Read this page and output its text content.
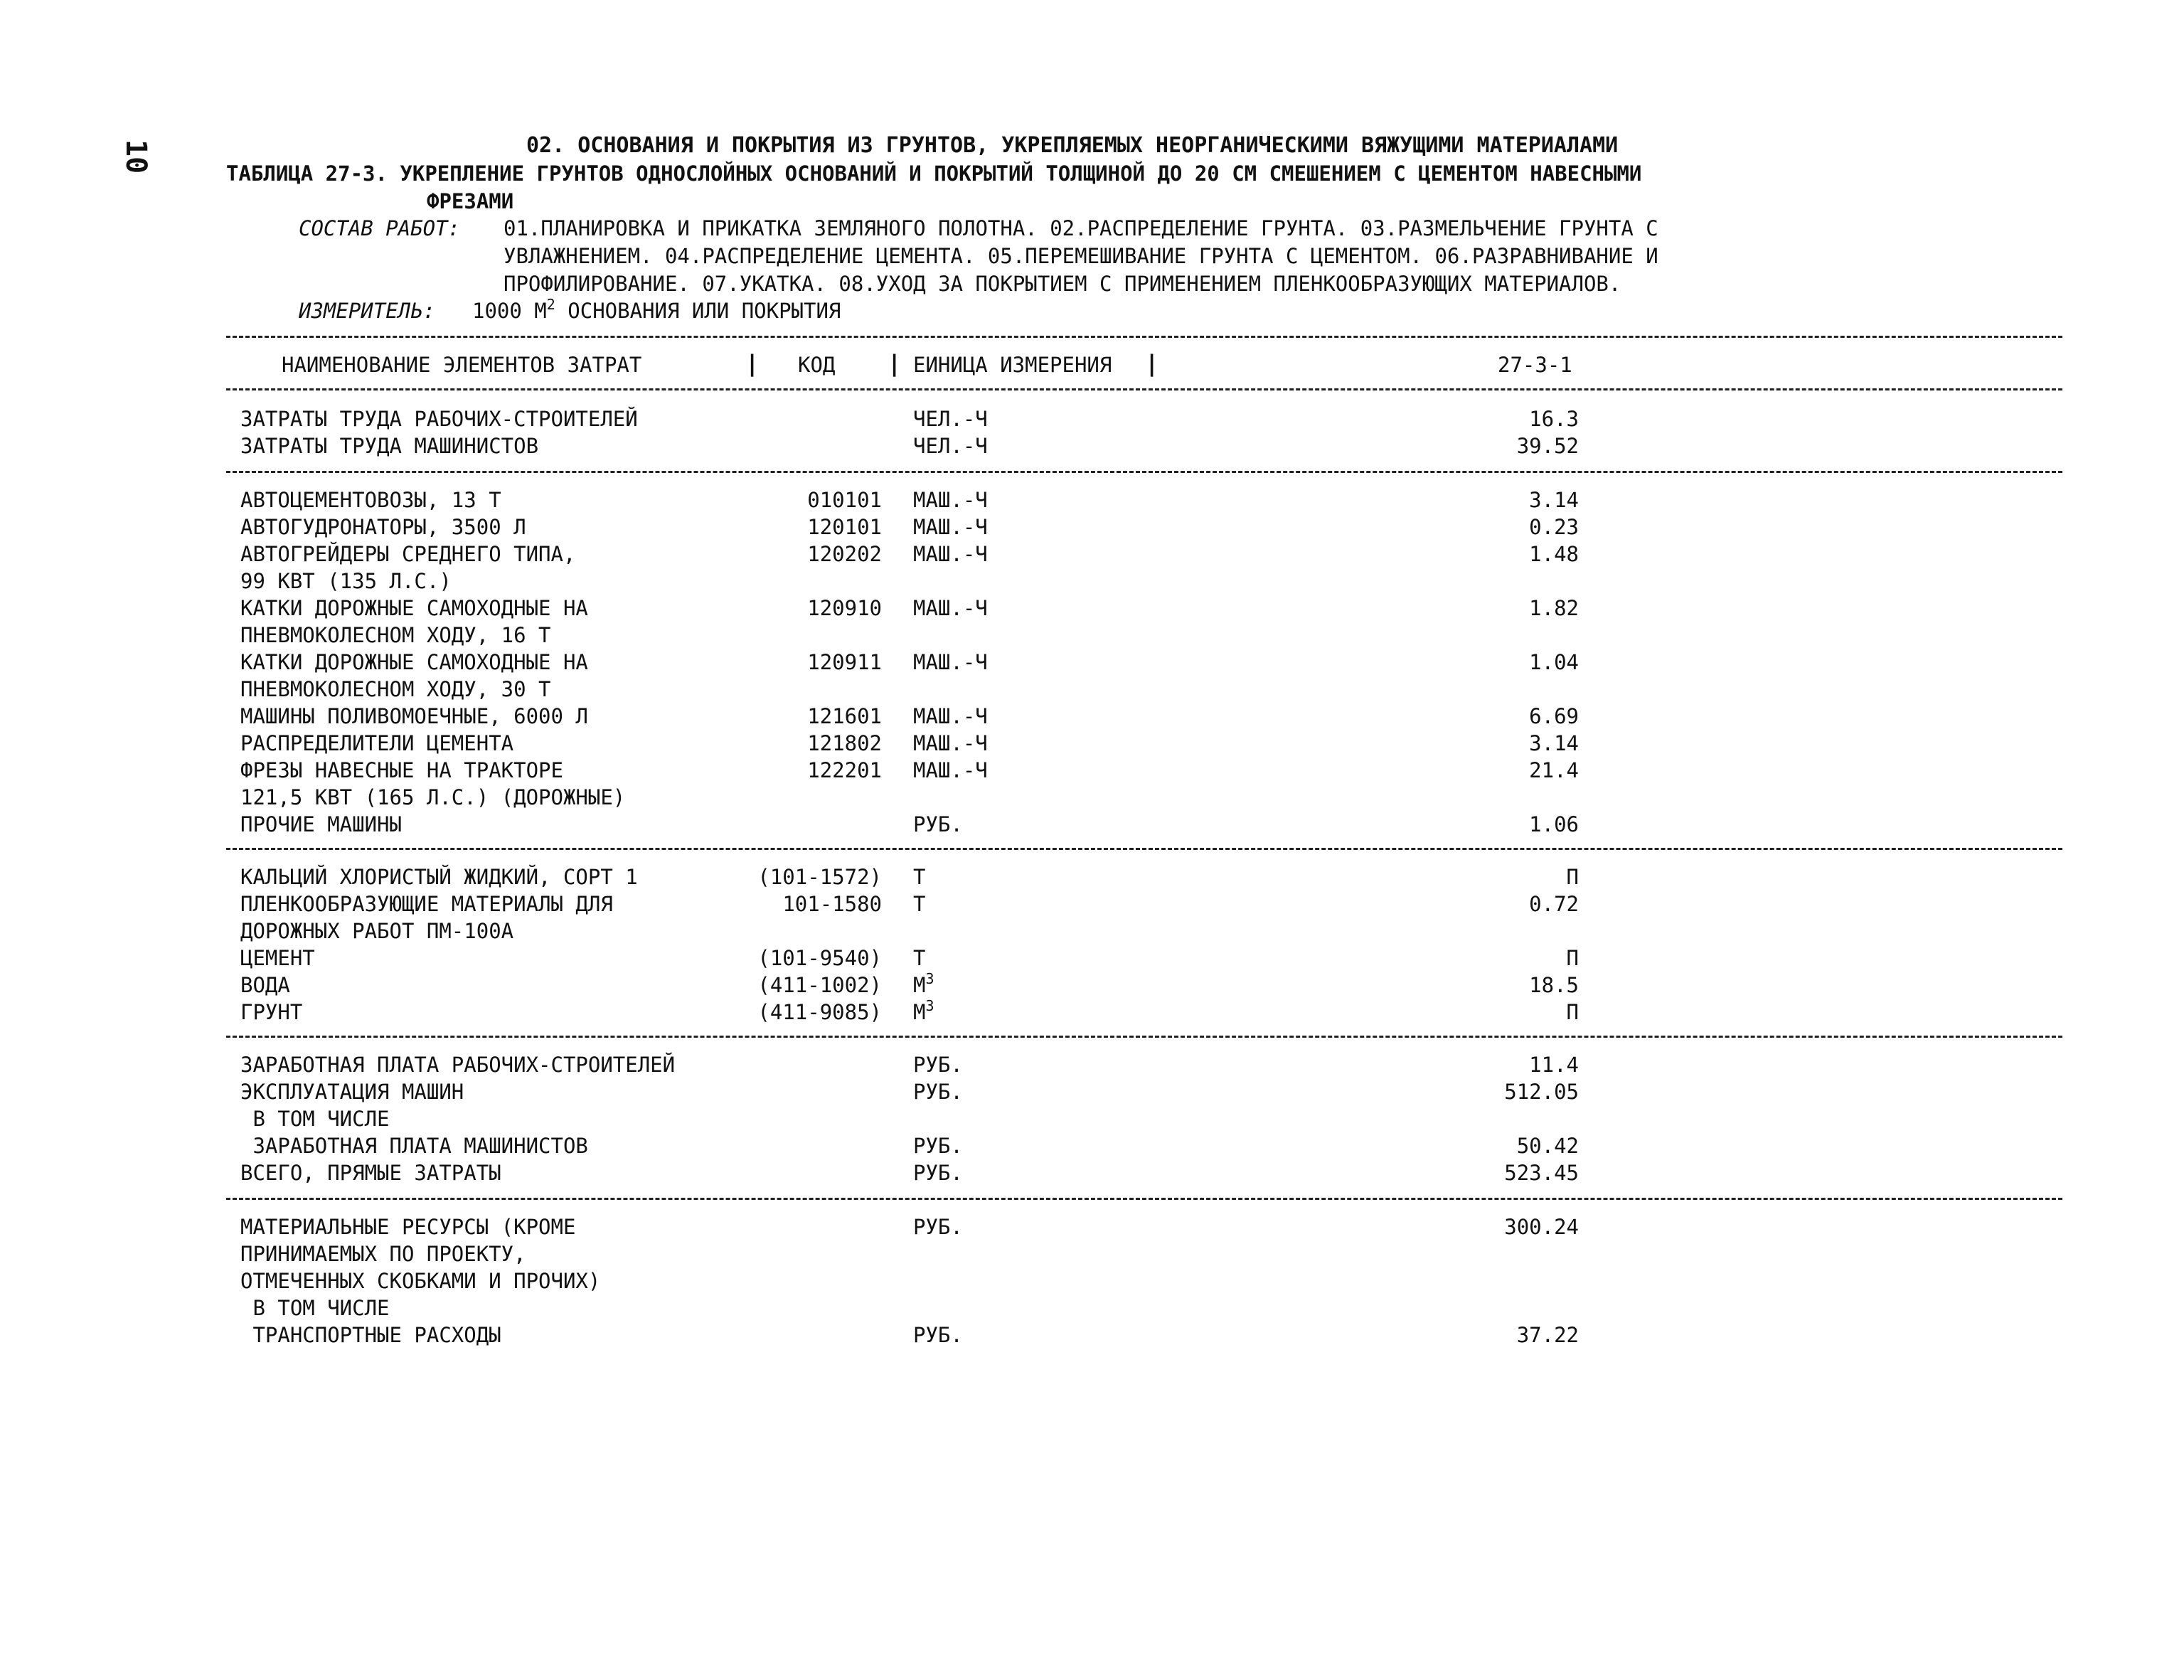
10	02. ОСНОВАНИЯ И ПОКРЫТИЯ ИЗ ГРУНТОВ, УКРЕПЛЯЕМЫХ НЕОРГАНИЧЕСКИМИ ВЯЖУЩИМИ МАТЕРИАЛАМИ
ТАБЛИЦА 27-3. УКРЕПЛЕНИЕ ГРУНТОВ ОДНОСЛОЙНЫХ ОСНОВАНИЙ И ПОКРЫТИЙ ТОЛЩИНОЙ ДО 20 СМ СМЕШЕНИЕМ С ЦЕМЕНТОМ НАВЕСНЫМИ
ФРЕЗАМИ
СОСТАВ РАБОТ: 01.ПЛАНИРОВКА И ПРИКАТКА ЗЕМЛЯНОГО ПОЛОТНА. 02.РАСПРЕДЕЛЕНИЕ ГРУНТА. 03.РАЗМЕЛЬЧЕНИЕ ГРУНТА С
УВЛАЖНЕНИЕМ. 04.РАСПРЕДЕЛЕНИЕ ЦЕМЕНТА. 05.ПЕРЕМЕШИВАНИЕ ГРУНТА С ЦЕМЕНТОМ. 06.РАЗРАВНИВАНИЕ И
ПРОФИЛИРОВАНИЕ. 07.УКАТКА. 08.УХОД ЗА ПОКРЫТИЕМ С ПРИМЕНЕНИЕМ ПЛЕНКООБРАЗУЮЩИХ МАТЕРИАЛОВ.
ИЗМЕРИТЕЛЬ: 1000 $М^2$ ОСНОВАНИЯ ИЛИ ПОКРЫТИЯ
НАИМЕНОВАНИЕ ЭЛЕМЕНТОВ ЗАТРАТ	| КОД | ЕИНИЦА ИЗМЕРЕНИЯ |	27-3-1
ЗАТРАТЫ ТРУДА РАБОЧИХ-СТРОИТЕЛЕЙ	ЧЕЛ.-Ч	16.3
ЗАТРАТЫ ТРУДА МАШИНИСТОВ	ЧЕЛ.-Ч	39.52
АВТОЦЕМЕНТОВОЗЫ, 13 Т	010101 МАШ.-Ч	3.14
АВТОГУДРОНАТОРЫ, 3500 Л	120101 МАШ.-Ч	0.23
АВТОГРЕЙДЕРЫ СРЕДНЕГО ТИПА,	120202 МАШ.-Ч	1.48
99 КВТ (135 Л.С.)
КАТКИ ДОРОЖНЫЕ САМОХОДНЫЕ НА	120910 МАШ.-Ч	1.82
ПНЕВМОКОЛЕСНОМ ХОДУ, 16 Т
КАТКИ ДОРОЖНЫЕ САМОХОДНЫЕ НА	120911 МАШ.-Ч	1.04
ПНЕВМОКОЛЕСНОМ ХОДУ, 30 Т
МАШИНЫ ПОЛИВОМОЕЧНЫЕ, 6000 Л	121601 МАШ.-Ч	6.69
РАСПРЕДЕЛИТЕЛИ ЦЕМЕНТА	121802 МАШ.-Ч	3.14
ФРЕЗЫ НАВЕСНЫЕ НА ТРАКТОРЕ	122201 МАШ.-Ч	21.4
121,5 КВТ (165 Л.С.) (ДОРОЖНЫЕ)
ПРОЧИЕ МАШИНЫ	РУБ.	1.06
КАЛЬЦИЙ ХЛОРИСТЫЙ ЖИДКИЙ, СОРТ 1	(101-1572) Т	П
ПЛЕНКООБРАЗУЮЩИЕ МАТЕРИАЛЫ ДЛЯ	101-1580 Т	0.72
ДОРОЖНЫХ РАБОТ ПМ-100А
ЦЕМЕНТ	(101-9540) Т	П
ВОДА	(411-1002) $М^3$	18.5
ГРУНТ	(411-9085) $М^3$	П
ЗАРАБОТНАЯ ПЛАТА РАБОЧИХ-СТРОИТЕЛЕЙ	РУБ.	11.4
ЭКСПЛУАТАЦИЯ МАШИН	РУБ.	512.05
В ТОМ ЧИСЛЕ
ЗАРАБОТНАЯ ПЛАТА МАШИНИСТОВ	РУБ.	50.42
ВСЕГО, ПРЯМЫЕ ЗАТРАТЫ	РУБ.	523.45
МАТЕРИАЛЬНЫЕ РЕСУРСЫ (КРОМЕ	РУБ.	300.24
ПРИНИМАЕМЫХ ПО ПРОЕКТУ,
ОТМЕЧЕННЫХ СКОБКАМИ И ПРОЧИХ)
В ТОМ ЧИСЛЕ
ТРАНСПОРТНЫЕ РАСХОДЫ	РУБ.	37.22
